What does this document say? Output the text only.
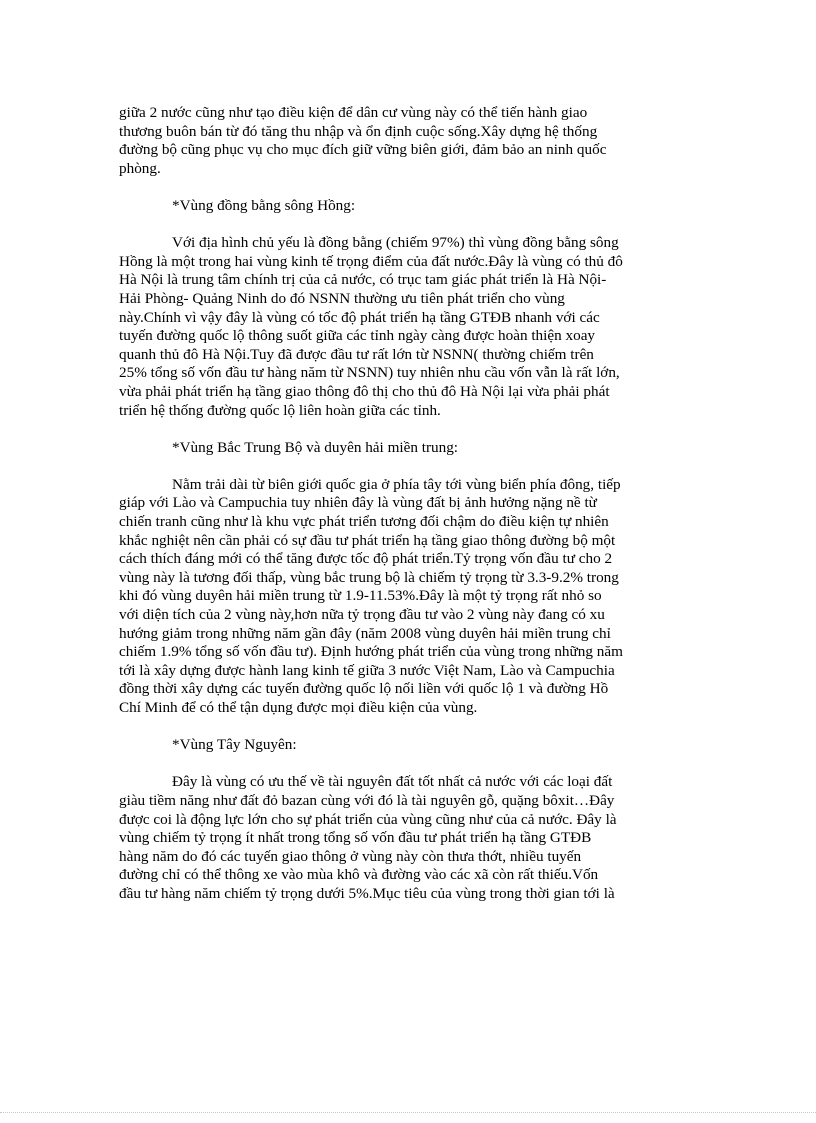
giữa 2 nước cũng như tạo điều kiện để dân cư vùng này có thể tiến hành giao
thương buôn bán từ đó tăng thu nhập và ổn định cuộc sống.Xây dựng hệ thống
đường bộ cũng phục vụ cho mục đích giữ vững biên giới, đảm bảo an ninh quốc
phòng.
*Vùng đồng bằng sông Hồng:
Với địa hình chủ yếu là đồng bằng (chiếm 97%) thì vùng đồng bằng sông
Hồng là một trong hai vùng kinh tế trọng điểm của đất nước.Đây là vùng có thủ đô
Hà Nội là trung tâm chính trị của cả nước, có trục tam giác phát triển là Hà Nội-
Hải Phòng- Quảng Ninh do đó NSNN thường ưu tiên phát triển cho vùng
này.Chính vì vậy đây là vùng có tốc độ phát triển hạ tầng GTĐB nhanh với các
tuyến đường quốc lộ thông suốt giữa các tỉnh ngày càng được hoàn thiện xoay
quanh thủ đô Hà Nội.Tuy đã được đầu tư rất lớn từ NSNN( thường chiếm trên
25% tổng số vốn đầu tư hàng năm từ NSNN) tuy nhiên nhu cầu vốn vẫn là rất lớn,
vừa phải phát triển hạ tầng giao thông đô thị cho thủ đô Hà Nội lại vừa phải phát
triển hệ thống đường quốc lộ liên hoàn giữa các tỉnh.
*Vùng Bắc Trung Bộ và duyên hải miền trung:
Nằm trải dài từ biên giới quốc gia ở phía tây tới vùng biển phía đông, tiếp
giáp với Lào và Campuchia tuy nhiên đây là vùng đất bị ảnh hưởng nặng nề từ
chiến tranh cũng như là khu vực phát triển tương đối chậm do điều kiện tự nhiên
khắc nghiệt nên cần phải có sự đầu tư phát triển hạ tầng giao thông đường bộ một
cách thích đáng mới có thể tăng được tốc độ phát triển.Tỷ trọng vốn đầu tư cho 2
vùng này là tương đối thấp, vùng bắc trung bộ là chiếm tỷ trọng từ 3.3-9.2% trong
khi đó vùng duyên hải miền trung từ 1.9-11.53%.Đây là một tỷ trọng rất nhỏ so
với diện tích của 2 vùng này,hơn nữa tỷ trọng đầu tư vào 2 vùng này đang có xu
hướng giảm trong những năm gần đây (năm 2008 vùng duyên hải miền trung chỉ
chiếm 1.9% tổng số vốn đầu tư). Định hướng phát triển của vùng trong những năm
tới là xây dựng được hành lang kinh tế giữa 3 nước Việt Nam, Lào và Campuchia
đồng thời xây dựng các tuyến đường quốc lộ nối liền với quốc lộ 1 và đường Hồ
Chí Minh để có thể tận dụng được mọi điều kiện của vùng.
*Vùng Tây Nguyên:
Đây là vùng có ưu thế về tài nguyên đất tốt nhất cả nước với các loại đất
giàu tiềm năng như đất đỏ bazan cùng với đó là tài nguyên gỗ, quặng bôxit…Đây
được coi là động lực lớn cho sự phát triển của vùng cũng như của cả nước. Đây là
vùng chiếm tỷ trọng ít nhất trong tổng số vốn đầu tư phát triển hạ tầng GTĐB
hàng năm do đó các tuyến giao thông ở vùng này còn thưa thớt, nhiều tuyến
đường chỉ có thể thông xe vào mùa khô và đường vào các xã còn rất thiếu.Vốn
đầu tư hàng năm chiếm tỷ trọng dưới 5%.Mục tiêu của vùng trong thời gian tới là
